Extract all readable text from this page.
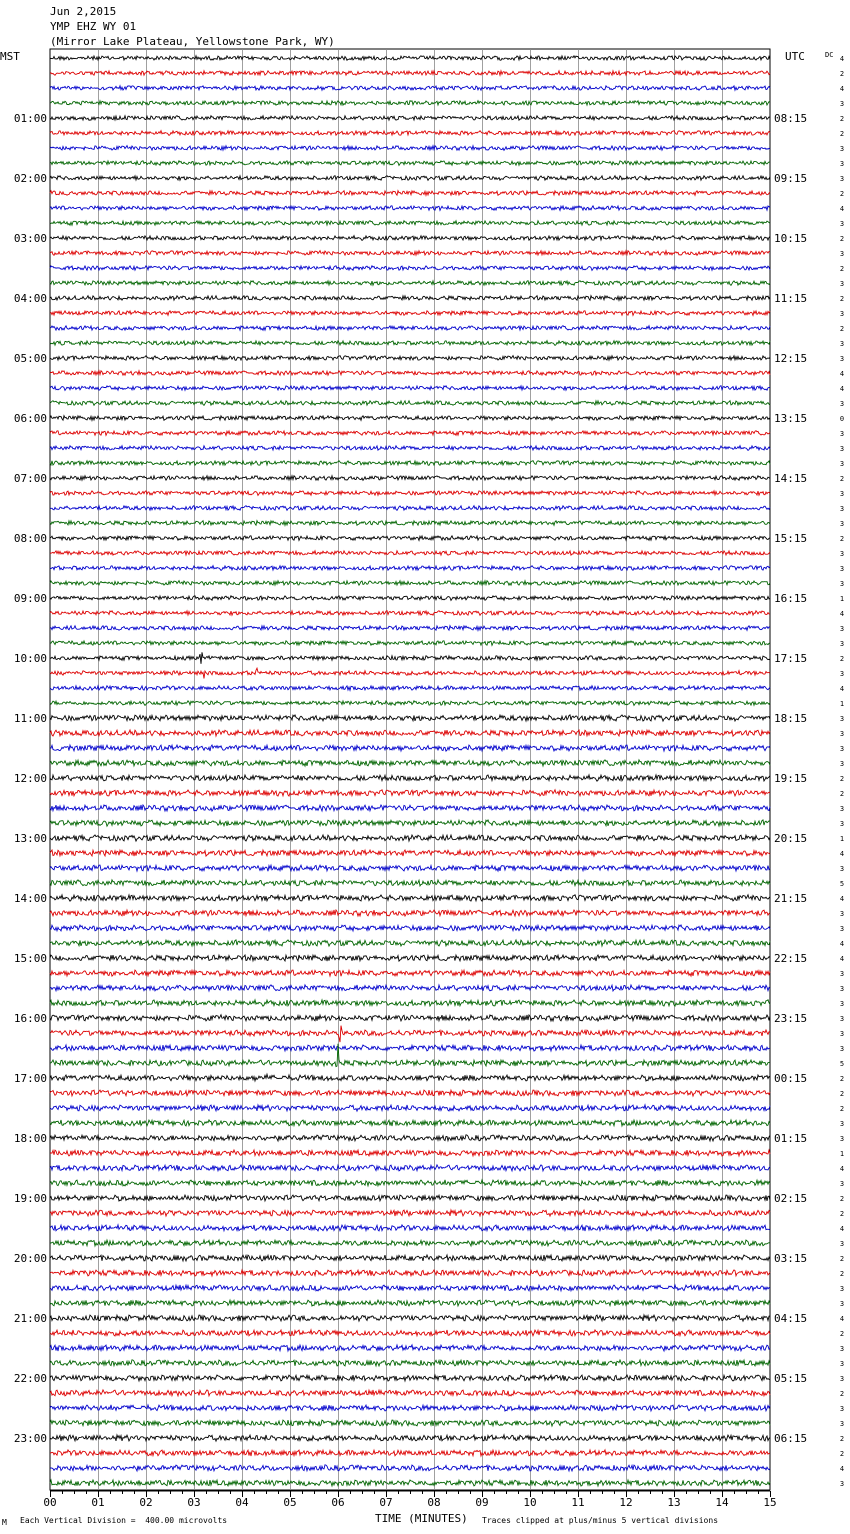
Jun 2,2015
YMP EHZ WY 01
(Mirror Lake Plateau, Yellowstone Park, WY)
MST	UTC	DC
M Each Vertical Division =  400.00 microvolts	TIME (MINUTES) Traces clipped at plus/minus 5 vertical divisions
01:00
02:00
03:00
04:00
05:00
06:00
07:00
08:00
09:00
10:00
11:00
12:00
13:00
14:00
15:00
16:00
17:00
18:00
19:00
20:00
21:00
22:00
23:00
08:15
09:15
10:15
11:15
12:15
13:15
14:15
15:15
16:15
17:15
18:15
19:15
20:15
21:15
22:15
23:15
00:15
01:15
02:15
03:15
04:15
05:15
06:15
4
2
4
3
2
2
3
3
3
2
4
3
2
3
2
3
2
3
2
3
3
4
4
3
0
3
3
3
2
3
3
3
2
3
3
3
1
4
3
3
2
3
4
1
3
3
3
3
2
2
3
3
1
4
3
5
4
3
3
4
4
3
3
3
3
3
3
5
2
2
2
3
3
1
4
3
2
2
4
3
2
2
3
3
4
2
3
3
3
2
3
3
2
2
4
3
00	01	02	03	04	05	06	07	08	09	10	11	12	13	14	15
